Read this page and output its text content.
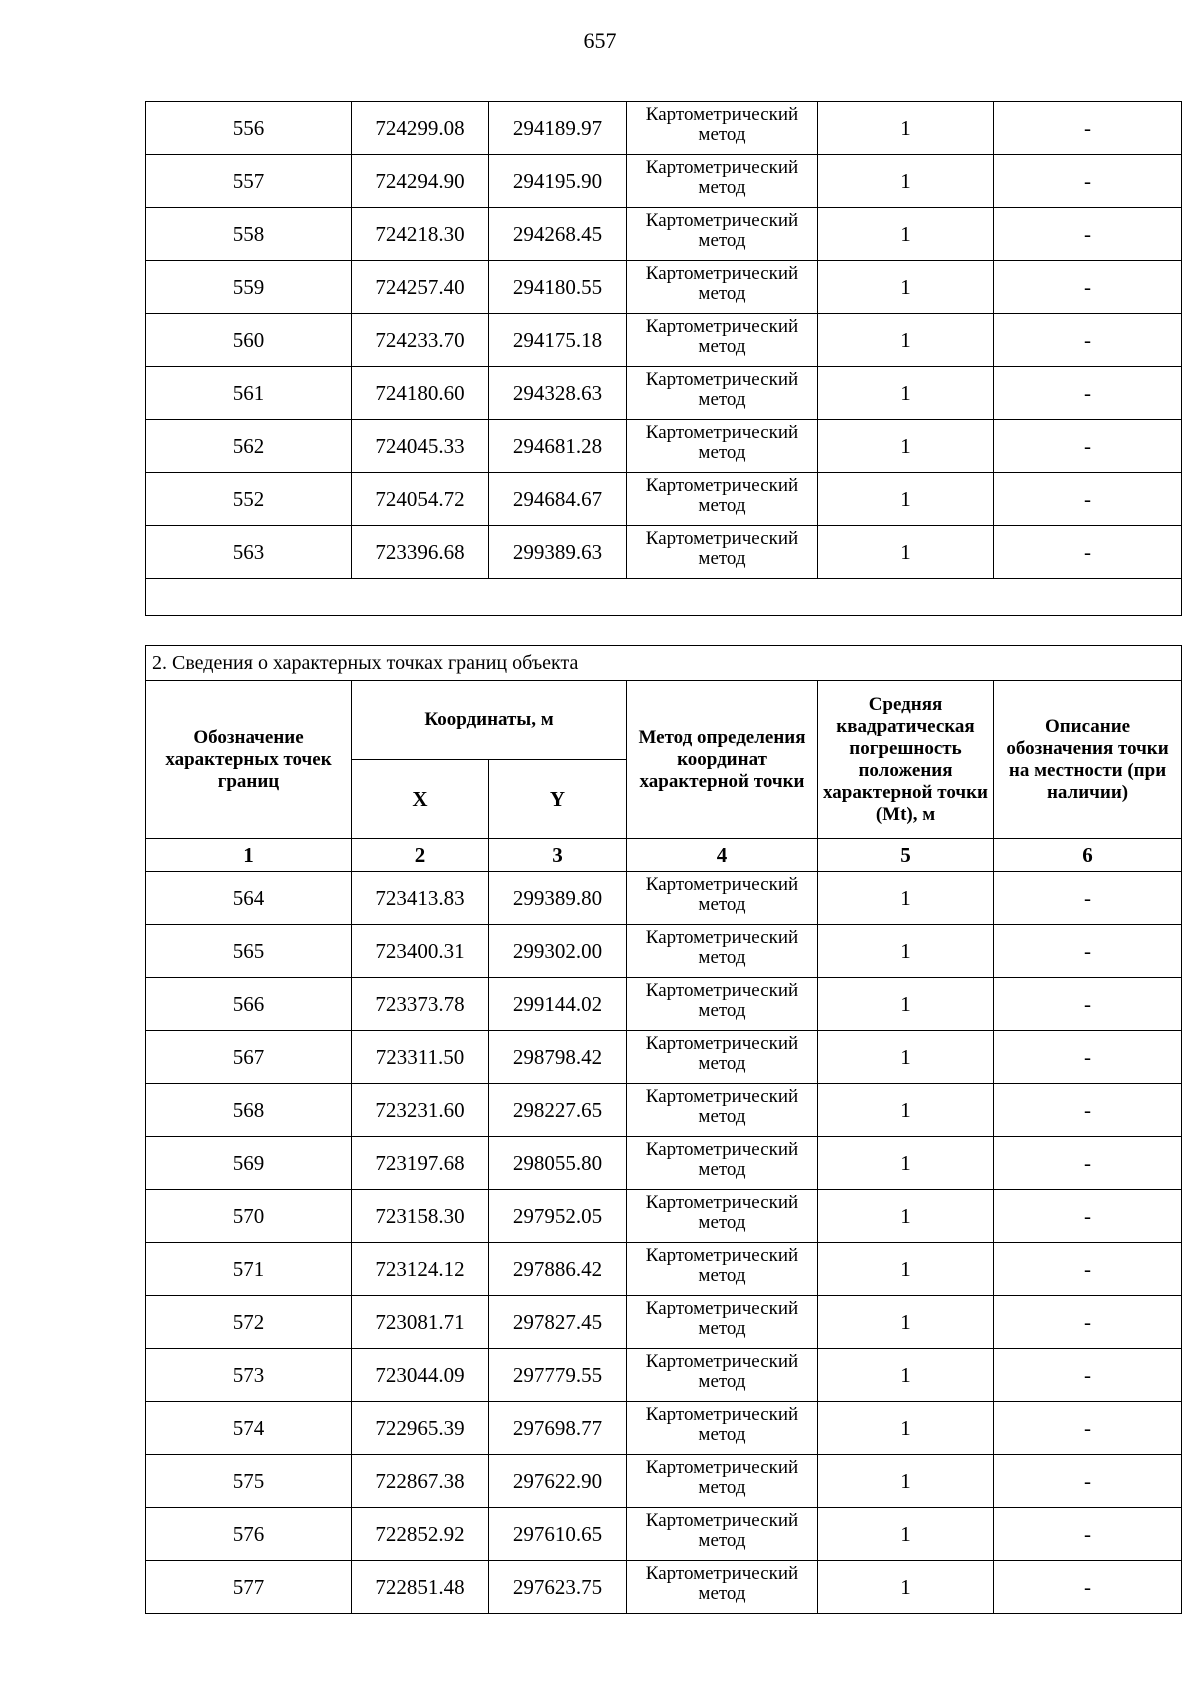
657
556	724299.08	294189.97	Картометрический метод	1	-
557	724294.90	294195.90	Картометрический метод	1	-
558	724218.30	294268.45	Картометрический метод	1	-
559	724257.40	294180.55	Картометрический метод	1	-
560	724233.70	294175.18	Картометрический метод	1	-
561	724180.60	294328.63	Картометрический метод	1	-
562	724045.33	294681.28	Картометрический метод	1	-
552	724054.72	294684.67	Картометрический метод	1	-
563	723396.68	299389.63	Картометрический метод	1	-

2. Сведения о характерных точках границ объекта					
Обозначение характерных точек границ	Координаты, м		Метод определения координат характерной точки	Средняя квадратическая погрешность положения характерной точки (Mt), м	Описание обозначения точки на местности (при наличии)
	X	Y			
1	2	3	4	5	6
564	723413.83	299389.80	Картометрический метод	1	-
565	723400.31	299302.00	Картометрический метод	1	-
566	723373.78	299144.02	Картометрический метод	1	-
567	723311.50	298798.42	Картометрический метод	1	-
568	723231.60	298227.65	Картометрический метод	1	-
569	723197.68	298055.80	Картометрический метод	1	-
570	723158.30	297952.05	Картометрический метод	1	-
571	723124.12	297886.42	Картометрический метод	1	-
572	723081.71	297827.45	Картометрический метод	1	-
573	723044.09	297779.55	Картометрический метод	1	-
574	722965.39	297698.77	Картометрический метод	1	-
575	722867.38	297622.90	Картометрический метод	1	-
576	722852.92	297610.65	Картометрический метод	1	-
577	722851.48	297623.75	Картометрический метод	1	-
